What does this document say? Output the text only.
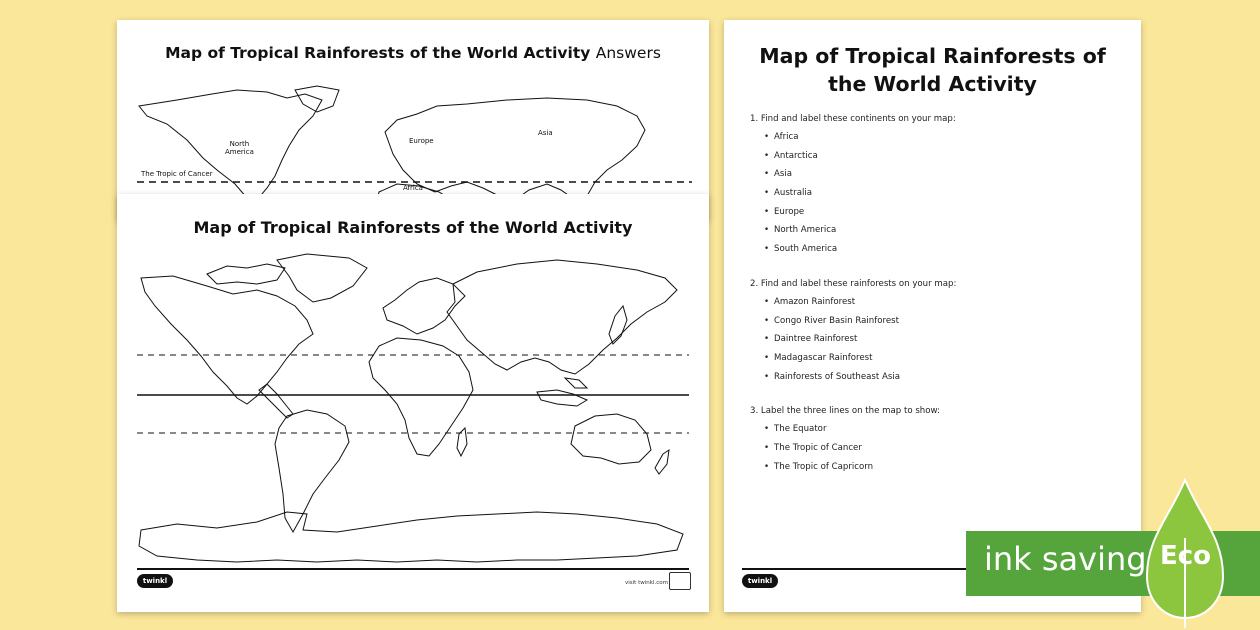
Map of Tropical Rainforests of the World Activity Answers
North
America
Europe
Asia
Africa
The Tropic of Cancer
Map of Tropical Rainforests of the World Activity
twinkl	visit twinkl.com
Map of Tropical Rainforests of the World Activity
1. Find and label these continents on your map:
• Africa
• Antarctica
• Asia
• Australia
• Europe
• North America
• South America
2. Find and label these rainforests on your map:
• Amazon Rainforest
• Congo River Basin Rainforest
• Daintree Rainforest
• Madagascar Rainforest
• Rainforests of Southeast Asia
3. Label the three lines on the map to show:
• The Equator
• The Tropic of Cancer
• The Tropic of Capricorn
twinkl
ink saving Eco
